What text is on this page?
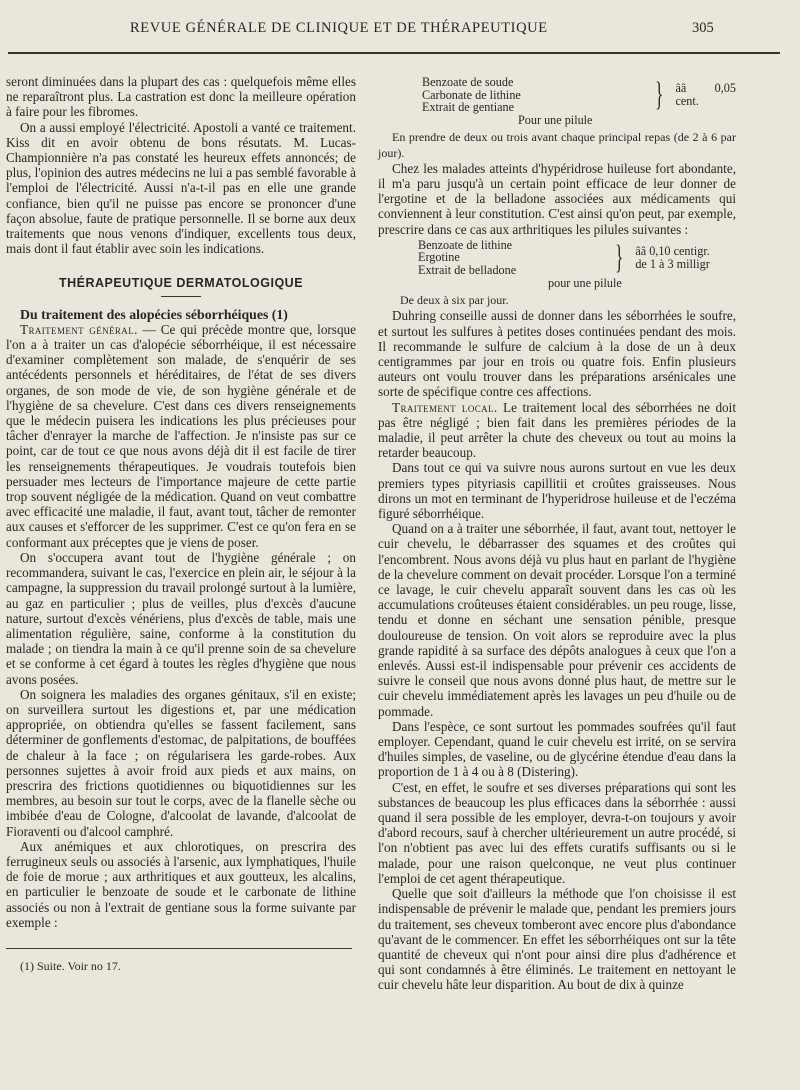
REVUE GÉNÉRALE DE CLINIQUE ET DE THÉRAPEUTIQUE	305

seront diminuées dans la plupart des cas : quelquefois même elles ne reparaîtront plus. La castration est donc la meilleure opération à faire pour les fibromes.

On a aussi employé l'électricité. Apostoli a vanté ce traitement. Kiss dit en avoir obtenu de bons résutats. M. Lucas-Championnière n'a pas constaté les heureux effets annoncés; de plus, l'opinion des autres médecins ne lui a pas semblé favorable à l'emploi de l'électricité. Aussi n'a-t-il pas en elle une grande confiance, bien qu'il ne puisse pas encore se prononcer d'une façon absolue, faute de pratique personnelle. Il se borne aux deux traitements que nous venons d'indiquer, excellents tous deux, mais dont il faut établir avec soin les indications.

THÉRAPEUTIQUE DERMATOLOGIQUE

Du traitement des alopécies séborrhéiques (1)

Traitement général. — Ce qui précède montre que, lorsque l'on a à traiter un cas d'alopécie séborrhéique, il est nécessaire d'examiner complètement son malade, de s'enquérir de ses antécédents personnels et héréditaires, de l'état de ses divers organes, de son mode de vie, de son hygiène générale et de l'hygiène de sa chevelure. C'est dans ces divers renseignements que le médecin puisera les indications les plus précieuses pour tâcher d'enrayer la marche de l'affection. Je n'insiste pas sur ce point, car de tout ce que nous avons déjà dit il est facile de tirer les renseignements thérapeutiques. Je voudrais toutefois bien persuader mes lecteurs de l'importance majeure de cette partie trop souvent négligée de la médication. Quand on veut combattre avec efficacité une maladie, il faut, avant tout, tâcher de remonter aux causes et s'efforcer de les supprimer. C'est ce qu'on fera en se conformant aux préceptes que je viens de poser.

On s'occupera avant tout de l'hygiène générale ; on recommandera, suivant le cas, l'exercice en plein air, le séjour à la campagne, la suppression du travail prolongé surtout à la lumière, au gaz en particulier ; plus de veilles, plus d'excès d'aucune nature, surtout d'excès vénériens, plus d'excès de table, mais une alimentation régulière, saine, conforme à la constitution du malade ; on tiendra la main à ce qu'il prenne soin de sa chevelure et se conforme à cet égard à toutes les règles d'hygiène que nous avons posées.

On soignera les maladies des organes génitaux, s'il en existe; on surveillera surtout les digestions et, par une médication appropriée, on obtiendra qu'elles se fassent facilement, sans déterminer de gonflements d'estomac, de palpitations, de bouffées de chaleur à la face ; on régularisera les garde-robes. Aux personnes sujettes à avoir froid aux pieds et aux mains, on prescrira des frictions quotidiennes ou biquotidiennes sur les membres, au besoin sur tout le corps, avec de la flanelle sèche ou imbibée d'eau de Cologne, d'alcoolat de lavande, d'alcoolat de Fioraventi ou d'alcool camphré.

Aux anémiques et aux chlorotiques, on prescrira des ferrugineux seuls ou associés à l'arsenic, aux lymphatiques, l'huile de foie de morue ; aux arthritiques et aux goutteux, les alcalins, en particulier le benzoate de soude et le carbonate de lithine associés ou non à l'extrait de gentiane sous la forme suivante par exemple :

(1) Suite. Voir no 17.

Benzoate de soude
Carbonate de lithine
Extrait de gentiane	} ââ 0,05 cent.
Pour une pilule

En prendre de deux ou trois avant chaque principal repas (de 2 à 6 par jour).

Chez les malades atteints d'hypéridrose huileuse fort abondante, il m'a paru jusqu'à un certain point efficace de leur donner de l'ergotine et de la belladone associées aux médicaments qui conviennent à leur constitution. C'est ainsi qu'on peut, par exemple, prescrire dans ce cas aux arthritiques les pilules suivantes :

Benzoate de lithine
Ergotine
Extrait de belladone	} ââ 0,10 centigr.
de 1 à 3 milligr
pour une pilule

De deux à six par jour.

Duhring conseille aussi de donner dans les séborrhées le soufre, et surtout les sulfures à petites doses continuées pendant des mois. Il recommande le sulfure de calcium à la dose de un à deux centigrammes par jour en trois ou quatre fois. Enfin plusieurs auteurs ont voulu trouver dans les préparations arsénicales une sorte de spécifique contre ces affections.

Traitement local. Le traitement local des séborrhées ne doit pas être négligé ; bien fait dans les premières périodes de la maladie, il peut arrêter la chute des cheveux ou tout au moins la retarder beaucoup.

Dans tout ce qui va suivre nous aurons surtout en vue les deux premiers types pityriasis capillitii et croûtes graisseuses. Nous dirons un mot en terminant de l'hyperidrose huileuse et de l'eczéma figuré séborrhéique.

Quand on a à traiter une séborrhée, il faut, avant tout, nettoyer le cuir chevelu, le débarrasser des squames et des croûtes qui l'encombrent. Nous avons déjà vu plus haut en parlant de l'hygiène de la chevelure comment on devait procéder. Lorsque l'on a terminé ce lavage, le cuir chevelu apparaît souvent dans les cas où les accumulations croûteuses étaient considérables. un peu rouge, lisse, tendu et donne en séchant une sensation pénible, presque douloureuse de tension. On voit alors se reproduire avec la plus grande rapidité à sa surface des dépôts analogues à ceux que l'on a enlevés. Aussi est-il indispensable pour prévenir ces accidents de suivre le conseil que nous avons donné plus haut, de mettre sur le cuir chevelu immédiatement après les lavages un peu d'huile ou de pommade.

Dans l'espèce, ce sont surtout les pommades soufrées qu'il faut employer. Cependant, quand le cuir chevelu est irrité, on se servira d'huiles simples, de vaseline, ou de glycérine étendue d'eau dans la proportion de 1 à 4 ou à 8 (Distering).

C'est, en effet, le soufre et ses diverses préparations qui sont les substances de beaucoup les plus efficaces dans la séborrhée : aussi quand il sera possible de les employer, devra-t-on toujours y avoir d'abord recours, sauf à chercher ultérieurement un autre procédé, si l'on n'obtient pas avec lui des effets curatifs suffisants ou si le malade, pour une raison quelconque, ne veut plus continuer l'emploi de cet agent thérapeutique.

Quelle que soit d'ailleurs la méthode que l'on choisisse il est indispensable de prévenir le malade que, pendant les premiers jours du traitement, ses cheveux tomberont avec encore plus d'abondance qu'avant de le commencer. En effet les séborrhéiques ont sur la tête quantité de cheveux qui n'ont pour ainsi dire plus d'adhérence et qui sont condamnés à être éliminés. Le traitement en nettoyant le cuir chevelu hâte leur disparition. Au bout de dix à quinze
